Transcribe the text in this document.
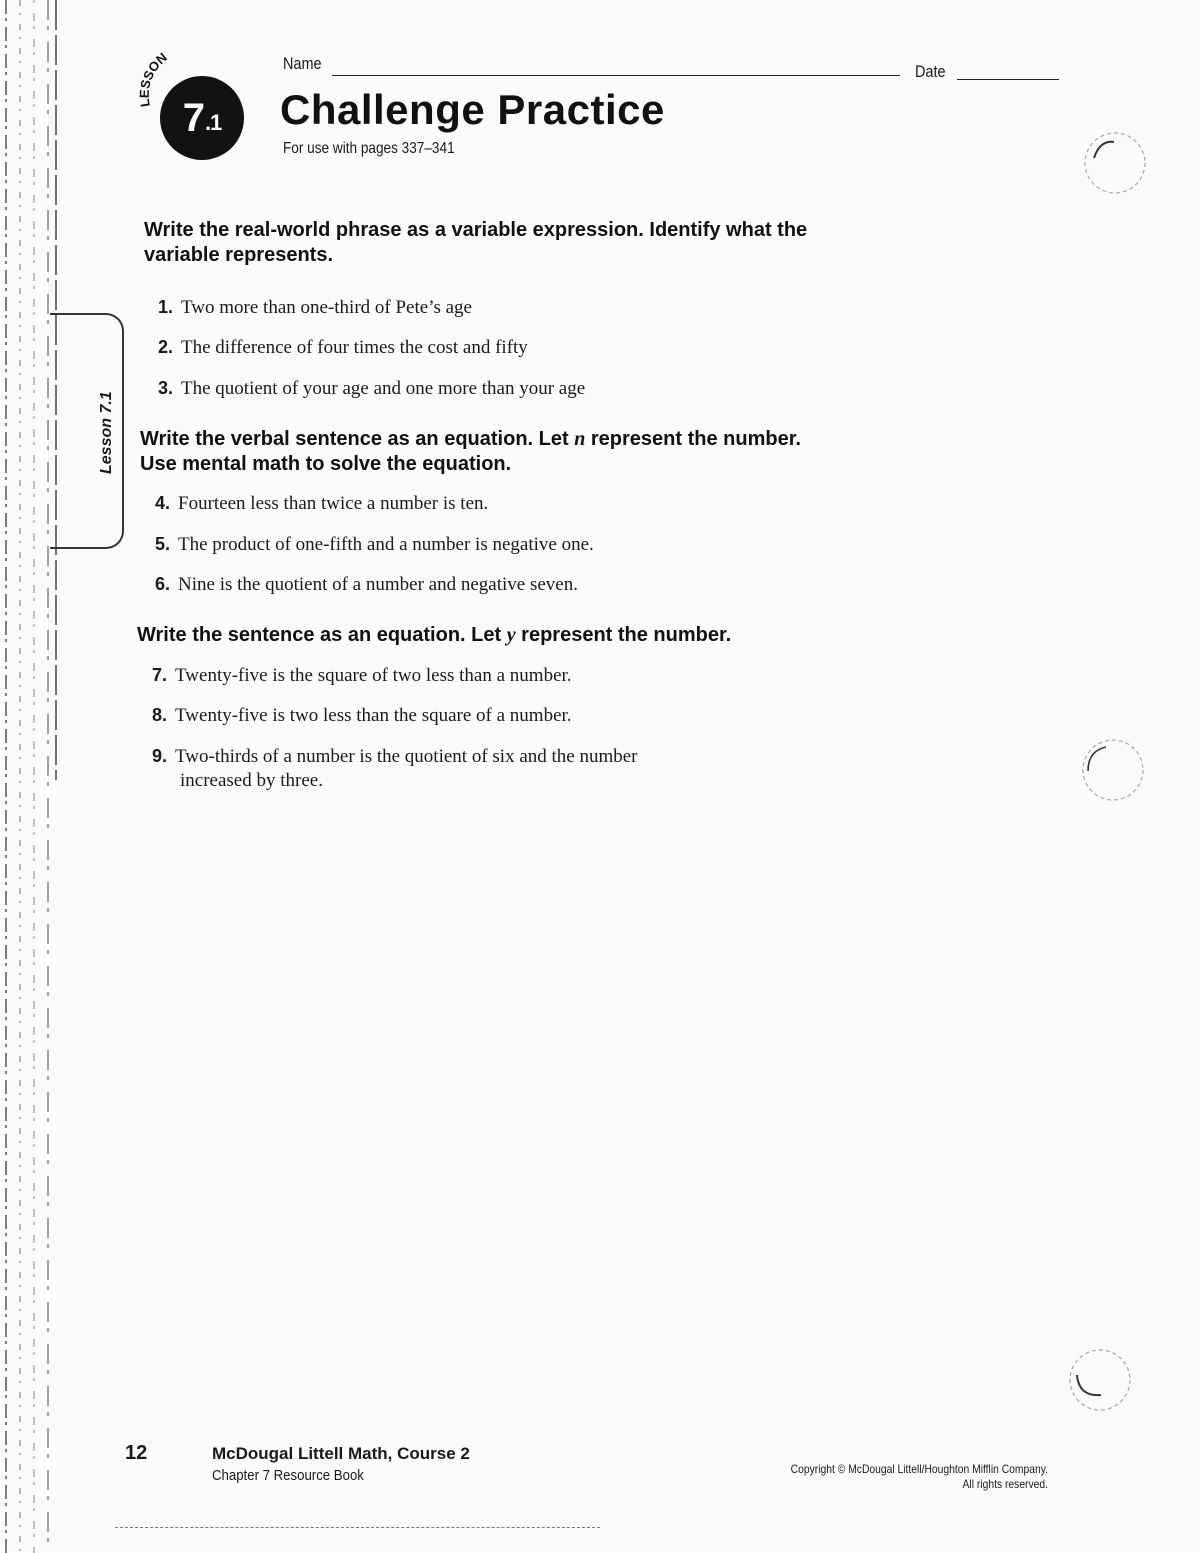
LESSON
7 .1
Name	Date
Challenge Practice
For use with pages 337–341
Lesson 7.1
Write the real-world phrase as a variable expression. Identify what the variable represents.
1. Two more than one-third of Pete’s age
2. The difference of four times the cost and fifty
3. The quotient of your age and one more than your age
Write the verbal sentence as an equation. Let n represent the number. Use mental math to solve the equation.
4. Fourteen less than twice a number is ten.
5. The product of one-fifth and a number is negative one.
6. Nine is the quotient of a number and negative seven.
Write the sentence as an equation. Let y represent the number.
7. Twenty-five is the square of two less than a number.
8. Twenty-five is two less than the square of a number.
9. Two-thirds of a number is the quotient of six and the number
increased by three.
12	McDougal Littell Math, Course 2
Chapter 7 Resource Book	Copyright © McDougal Littell/Houghton Mifflin Company.
All rights reserved.
